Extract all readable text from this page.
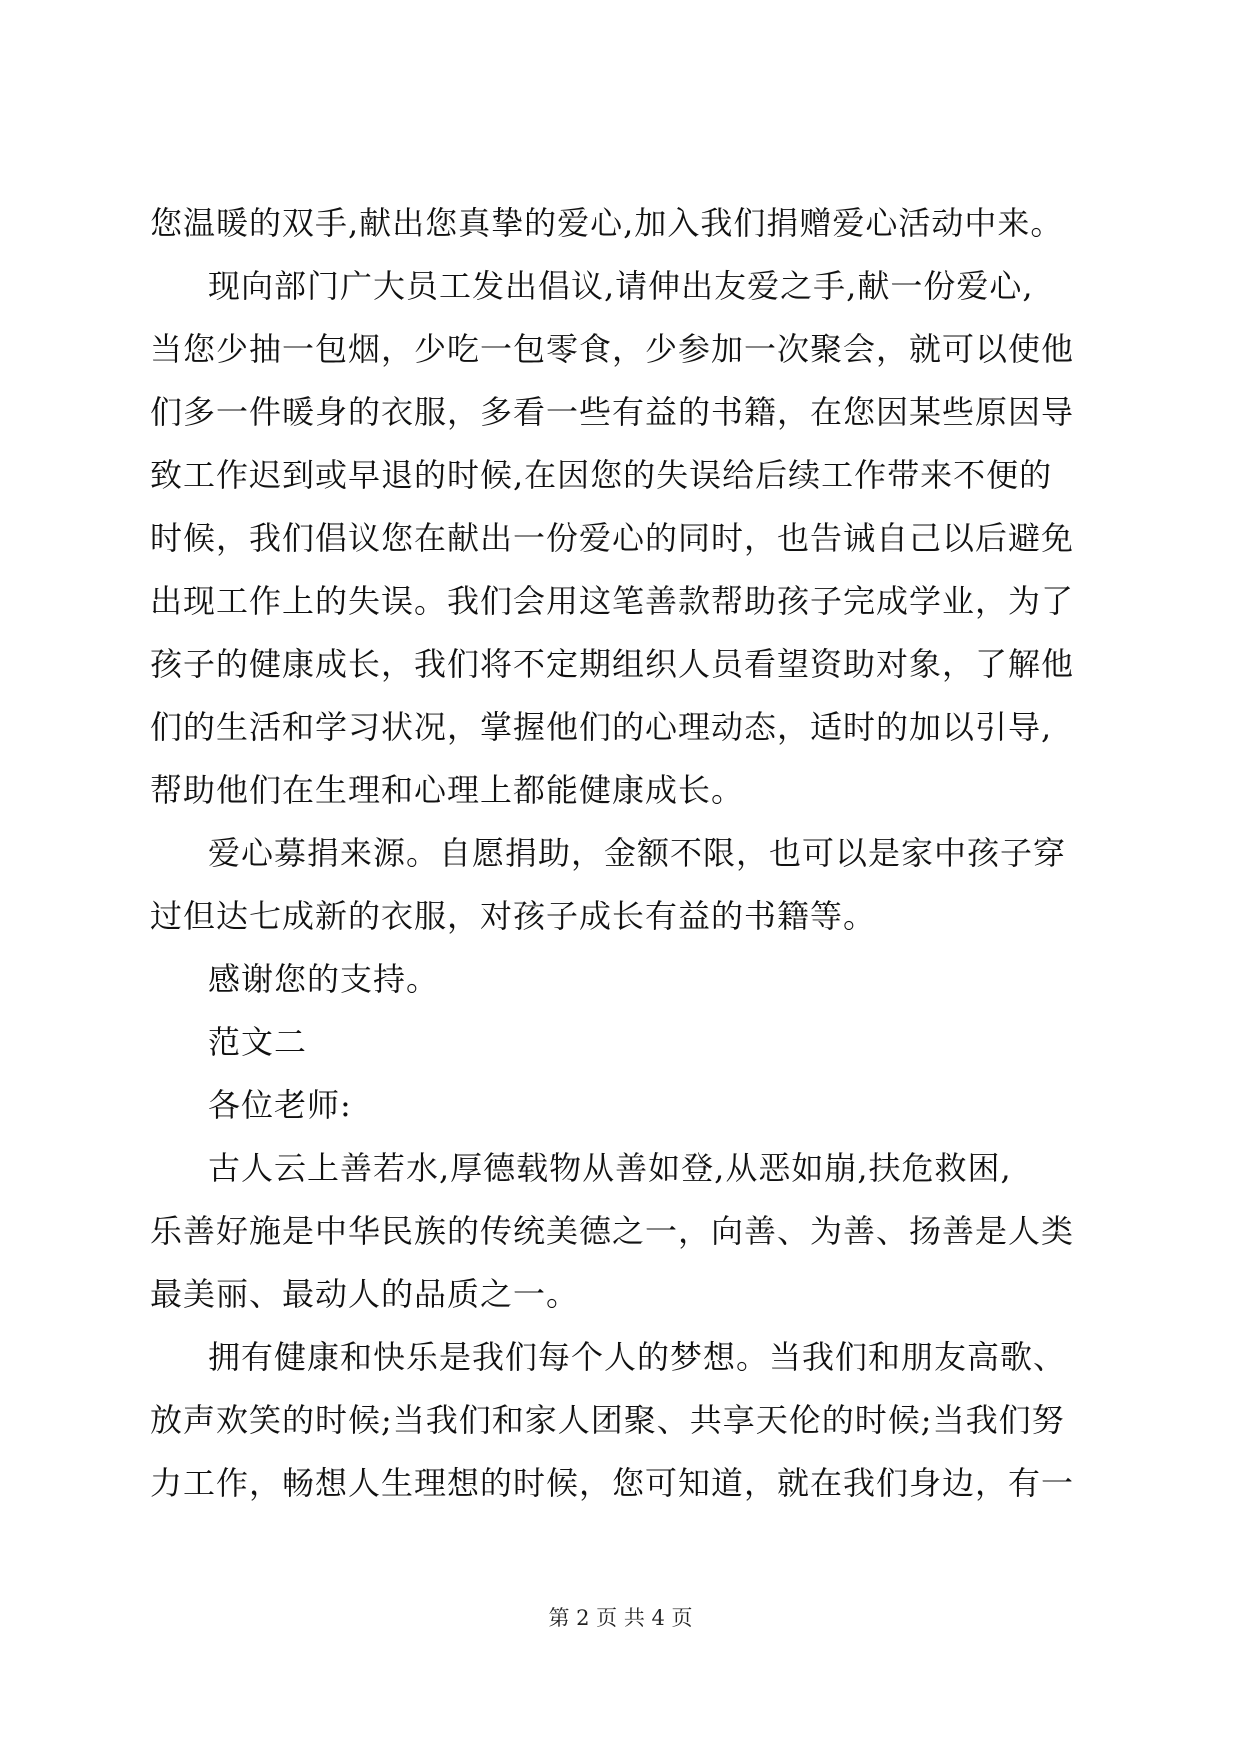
您温暖的双手,献出您真挚的爱心,加入我们捐赠爱心活动中来。

现向部门广大员工发出倡议,请伸出友爱之手,献一份爱心,

当您少抽一包烟，少吃一包零食，少参加一次聚会，就可以使他

们多一件暖身的衣服，多看一些有益的书籍，在您因某些原因导

致工作迟到或早退的时候,在因您的失误给后续工作带来不便的

时候，我们倡议您在献出一份爱心的同时，也告诫自己以后避免

出现工作上的失误。我们会用这笔善款帮助孩子完成学业，为了

孩子的健康成长，我们将不定期组织人员看望资助对象，了解他

们的生活和学习状况，掌握他们的心理动态，适时的加以引导,

帮助他们在生理和心理上都能健康成长。

爱心募捐来源。自愿捐助，金额不限，也可以是家中孩子穿

过但达七成新的衣服，对孩子成长有益的书籍等。

感谢您的支持。

范文二

各位老师:

古人云上善若水,厚德载物从善如登,从恶如崩,扶危救困,

乐善好施是中华民族的传统美德之一，向善、为善、扬善是人类

最美丽、最动人的品质之一。

拥有健康和快乐是我们每个人的梦想。当我们和朋友高歌、

放声欢笑的时候;当我们和家人团聚、共享天伦的时候;当我们努

力工作，畅想人生理想的时候，您可知道，就在我们身边，有一

第 2 页 共 4 页
